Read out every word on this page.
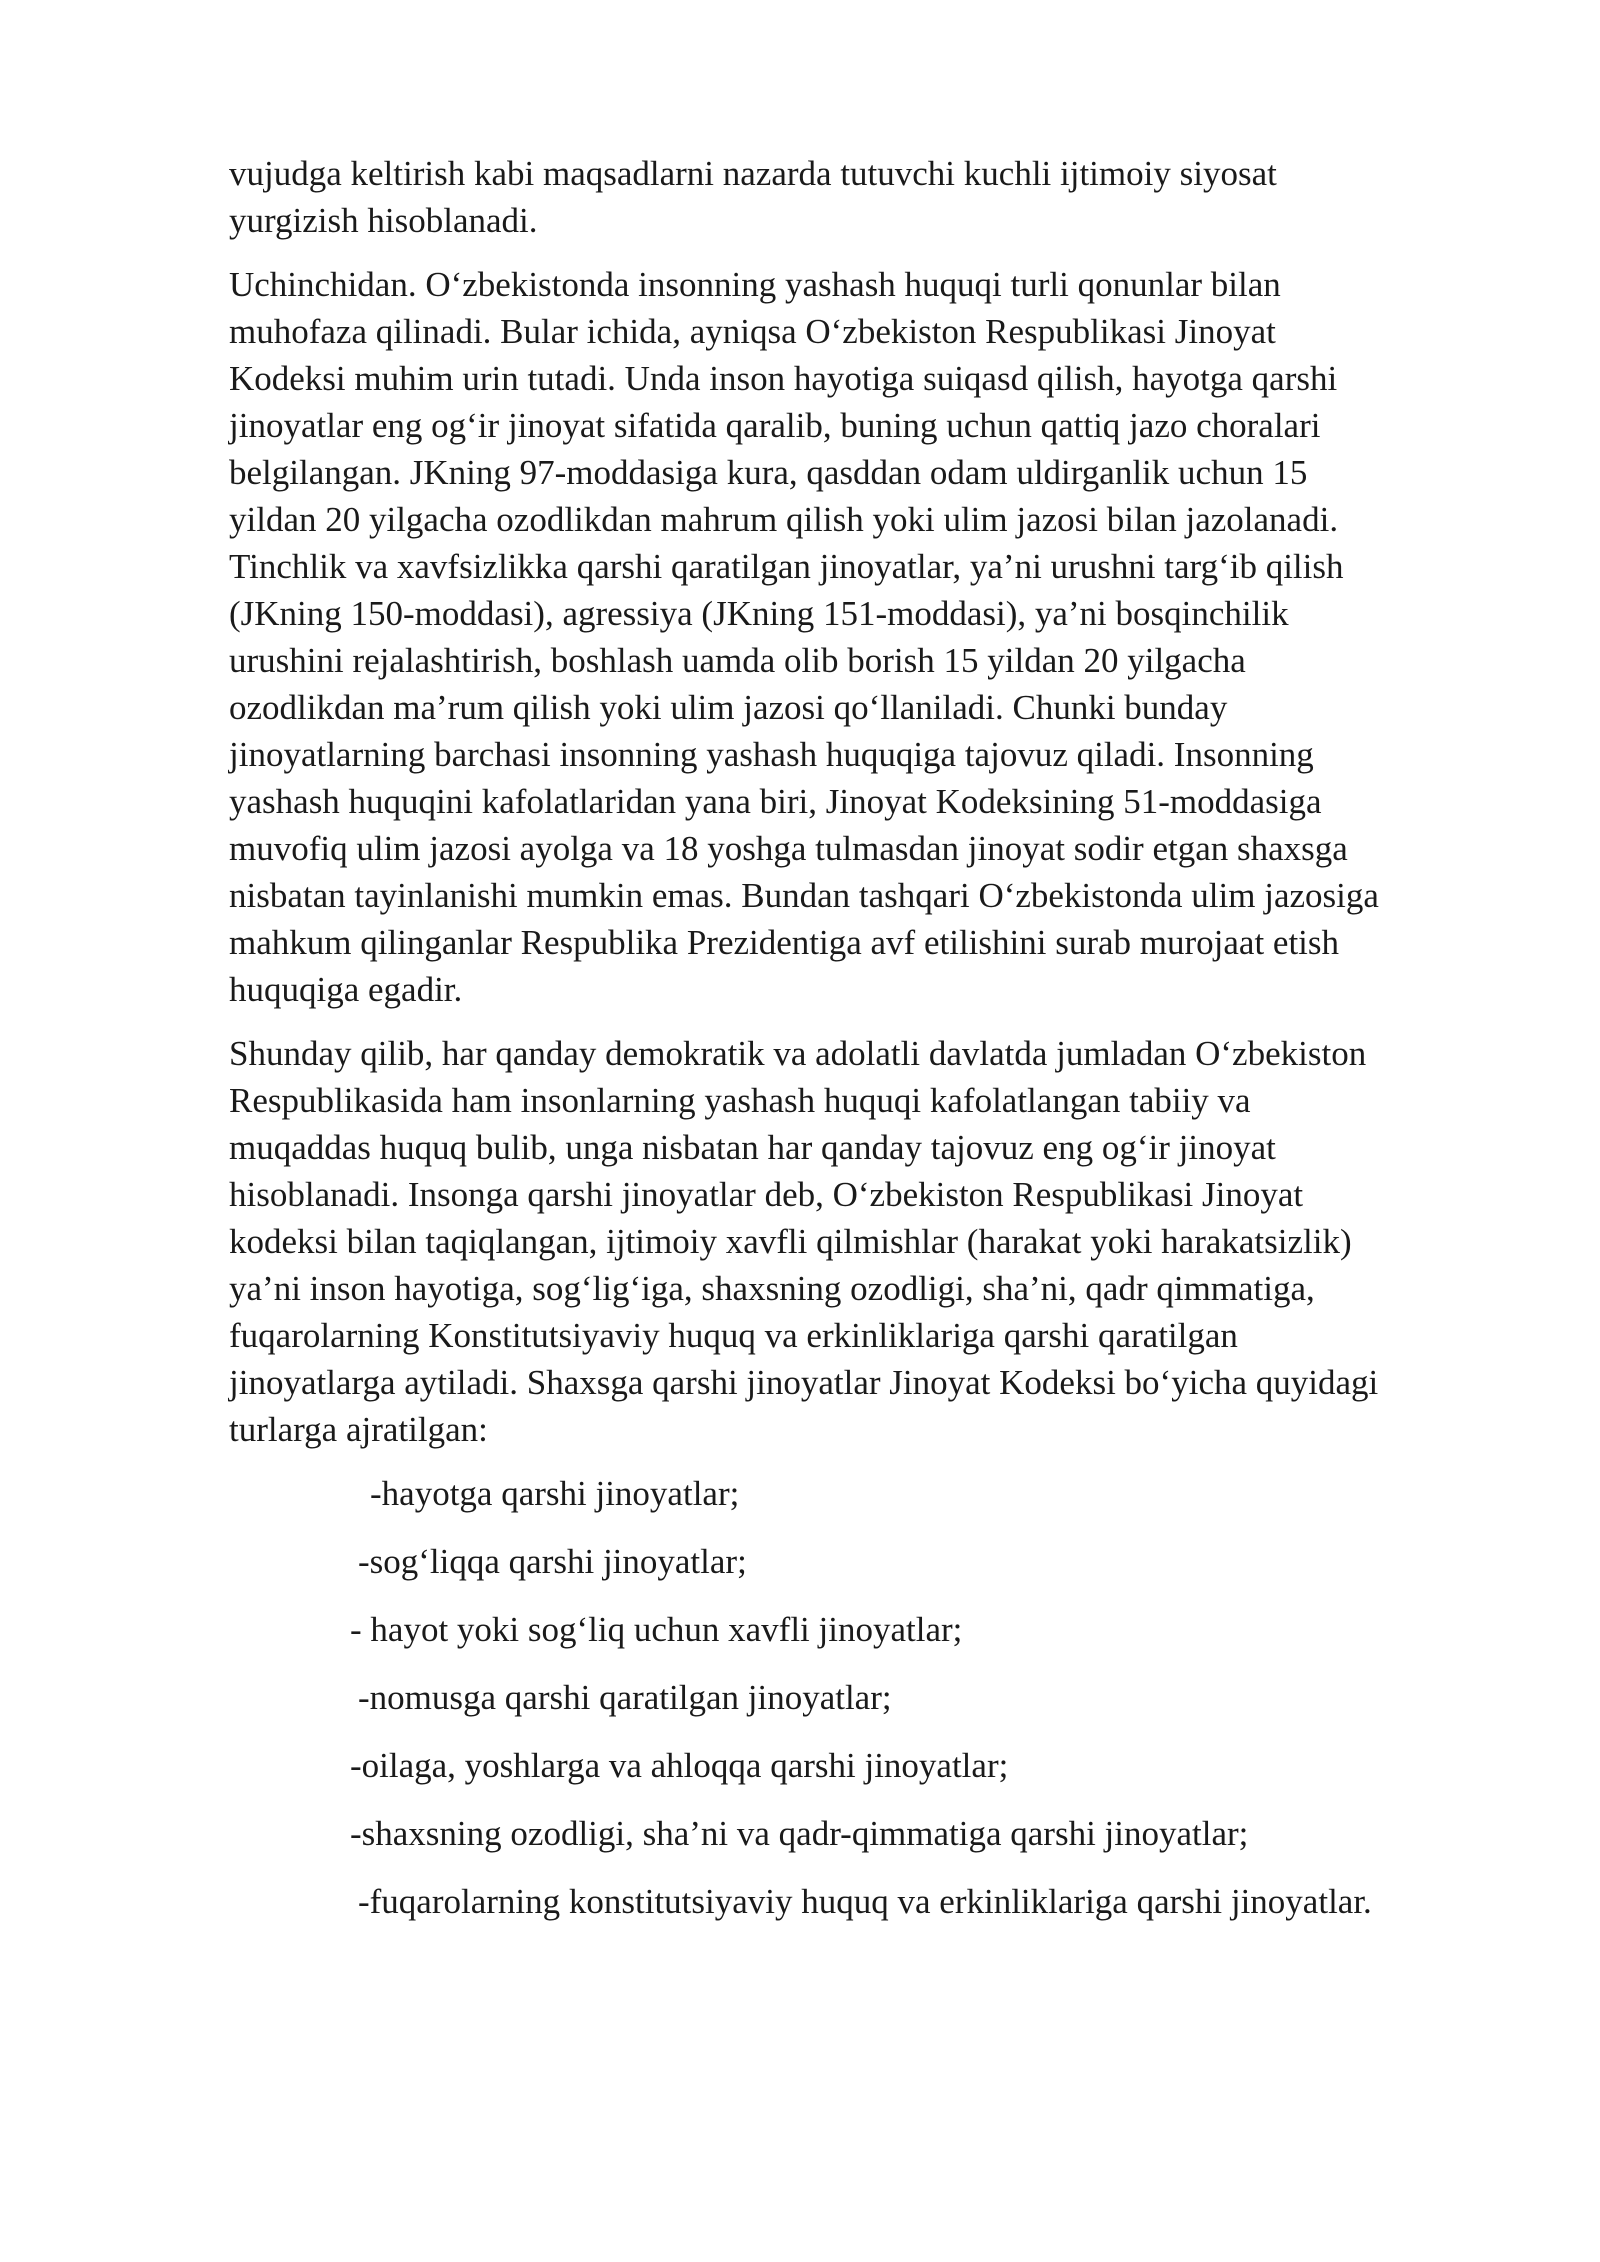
vujudga keltirish kabi maqsadlarni nazarda tutuvchi kuchli ijtimoiy siyosat
yurgizish hisoblanadi.

Uchinchidan. O‘zbekistonda insonning yashash huquqi turli qonunlar bilan
muhofaza qilinadi. Bular ichida, ayniqsa O‘zbekiston Respublikasi Jinoyat
Kodeksi muhim urin tutadi. Unda inson hayotiga suiqasd qilish, hayotga qarshi
jinoyatlar eng og‘ir jinoyat sifatida qaralib, buning uchun qattiq jazo choralari
belgilangan. JKning 97-moddasiga kura, qasddan odam uldirganlik uchun 15
yildan 20 yilgacha ozodlikdan mahrum qilish yoki ulim jazosi bilan jazolanadi.
Tinchlik va xavfsizlikka qarshi qaratilgan jinoyatlar, ya’ni urushni targ‘ib qilish
(JKning 150-moddasi), agressiya (JKning 151-moddasi), ya’ni bosqinchilik
urushini rejalashtirish, boshlash uamda olib borish 15 yildan 20 yilgacha
ozodlikdan ma’rum qilish yoki ulim jazosi qo‘llaniladi. Chunki bunday
jinoyatlarning barchasi insonning yashash huquqiga tajovuz qiladi. Insonning
yashash huquqini kafolatlaridan yana biri, Jinoyat Kodeksining 51-moddasiga
muvofiq ulim jazosi ayolga va 18 yoshga tulmasdan jinoyat sodir etgan shaxsga
nisbatan tayinlanishi mumkin emas. Bundan tashqari O‘zbekistonda ulim jazosiga
mahkum qilinganlar Respublika Prezidentiga avf etilishini surab murojaat etish
huquqiga egadir.

Shunday qilib, har qanday demokratik va adolatli davlatda jumladan O‘zbekiston
Respublikasida ham insonlarning yashash huquqi kafolatlangan tabiiy va
muqaddas huquq bulib, unga nisbatan har qanday tajovuz eng og‘ir jinoyat
hisoblanadi. Insonga qarshi jinoyatlar deb, O‘zbekiston Respublikasi Jinoyat
kodeksi bilan taqiqlangan, ijtimoiy xavfli qilmishlar (harakat yoki harakatsizlik)
ya’ni inson hayotiga, sog‘lig‘iga, shaxsning ozodligi, sha’ni, qadr qimmatiga,
fuqarolarning Konstitutsiyaviy huquq va erkinliklariga qarshi qaratilgan
jinoyatlarga aytiladi. Shaxsga qarshi jinoyatlar Jinoyat Kodeksi bo‘yicha quyidagi
turlarga ajratilgan:

-hayotga qarshi jinoyatlar;
-sog‘liqqa qarshi jinoyatlar;
- hayot yoki sog‘liq uchun xavfli jinoyatlar;
-nomusga qarshi qaratilgan jinoyatlar;
-oilaga, yoshlarga va ahloqqa qarshi jinoyatlar;
-shaxsning ozodligi, sha’ni va qadr-qimmatiga qarshi jinoyatlar;
-fuqarolarning konstitutsiyaviy huquq va erkinliklariga qarshi jinoyatlar.
